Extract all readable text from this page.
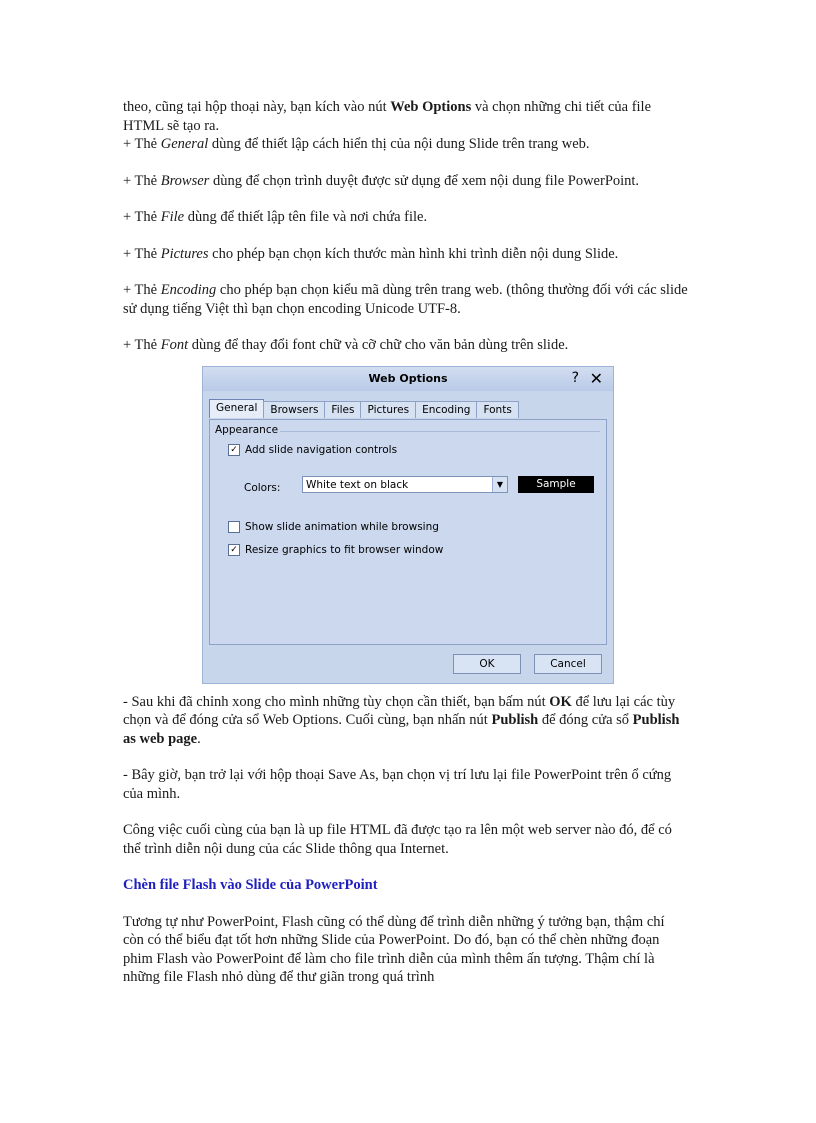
theo, cũng tại hộp thoại này, bạn kích vào nút Web Options và chọn những chi tiết của file HTML sẽ tạo ra.

+ Thẻ General dùng để thiết lập cách hiển thị của nội dung Slide trên trang web.

+ Thẻ Browser dùng để chọn trình duyệt được sử dụng để xem nội dung file PowerPoint.

+ Thẻ File dùng để thiết lập tên file và nơi chứa file.

+ Thẻ Pictures cho phép bạn chọn kích thước màn hình khi trình diễn nội dung Slide.

+ Thẻ Encoding cho phép bạn chọn kiểu mã dùng trên trang web. (thông thường đối với các slide sử dụng tiếng Việt thì bạn chọn encoding Unicode UTF-8.

+ Thẻ Font dùng để thay đổi font chữ và cỡ chữ cho văn bản dùng trên slide.

Web Options	? ✕
General	Browsers	Files	Pictures	Encoding	Fonts
Appearance
✓ Add slide navigation controls
Colors: White text on black	▼	Sample
Show slide animation while browsing
✓ Resize graphics to fit browser window
OK	Cancel

- Sau khi đã chỉnh xong cho mình những tùy chọn cần thiết, bạn bấm nút OK để lưu lại các tùy chọn và để đóng cửa sổ Web Options. Cuối cùng, bạn nhấn nút Publish để đóng cửa sổ Publish as web page.

- Bây giờ, bạn trở lại với hộp thoại Save As, bạn chọn vị trí lưu lại file PowerPoint trên ổ cứng của mình.

Công việc cuối cùng của bạn là up file HTML đã được tạo ra lên một web server nào đó, để có thể trình diễn nội dung của các Slide thông qua Internet.

Chèn file Flash vào Slide của PowerPoint

Tương tự như PowerPoint, Flash cũng có thể dùng để trình diễn những ý tưởng bạn, thậm chí còn có thể biểu đạt tốt hơn những Slide của PowerPoint. Do đó, bạn có thể chèn những đoạn phim Flash vào PowerPoint để làm cho file trình diễn của mình thêm ấn tượng. Thậm chí là những file Flash nhỏ dùng để thư giãn trong quá trình
